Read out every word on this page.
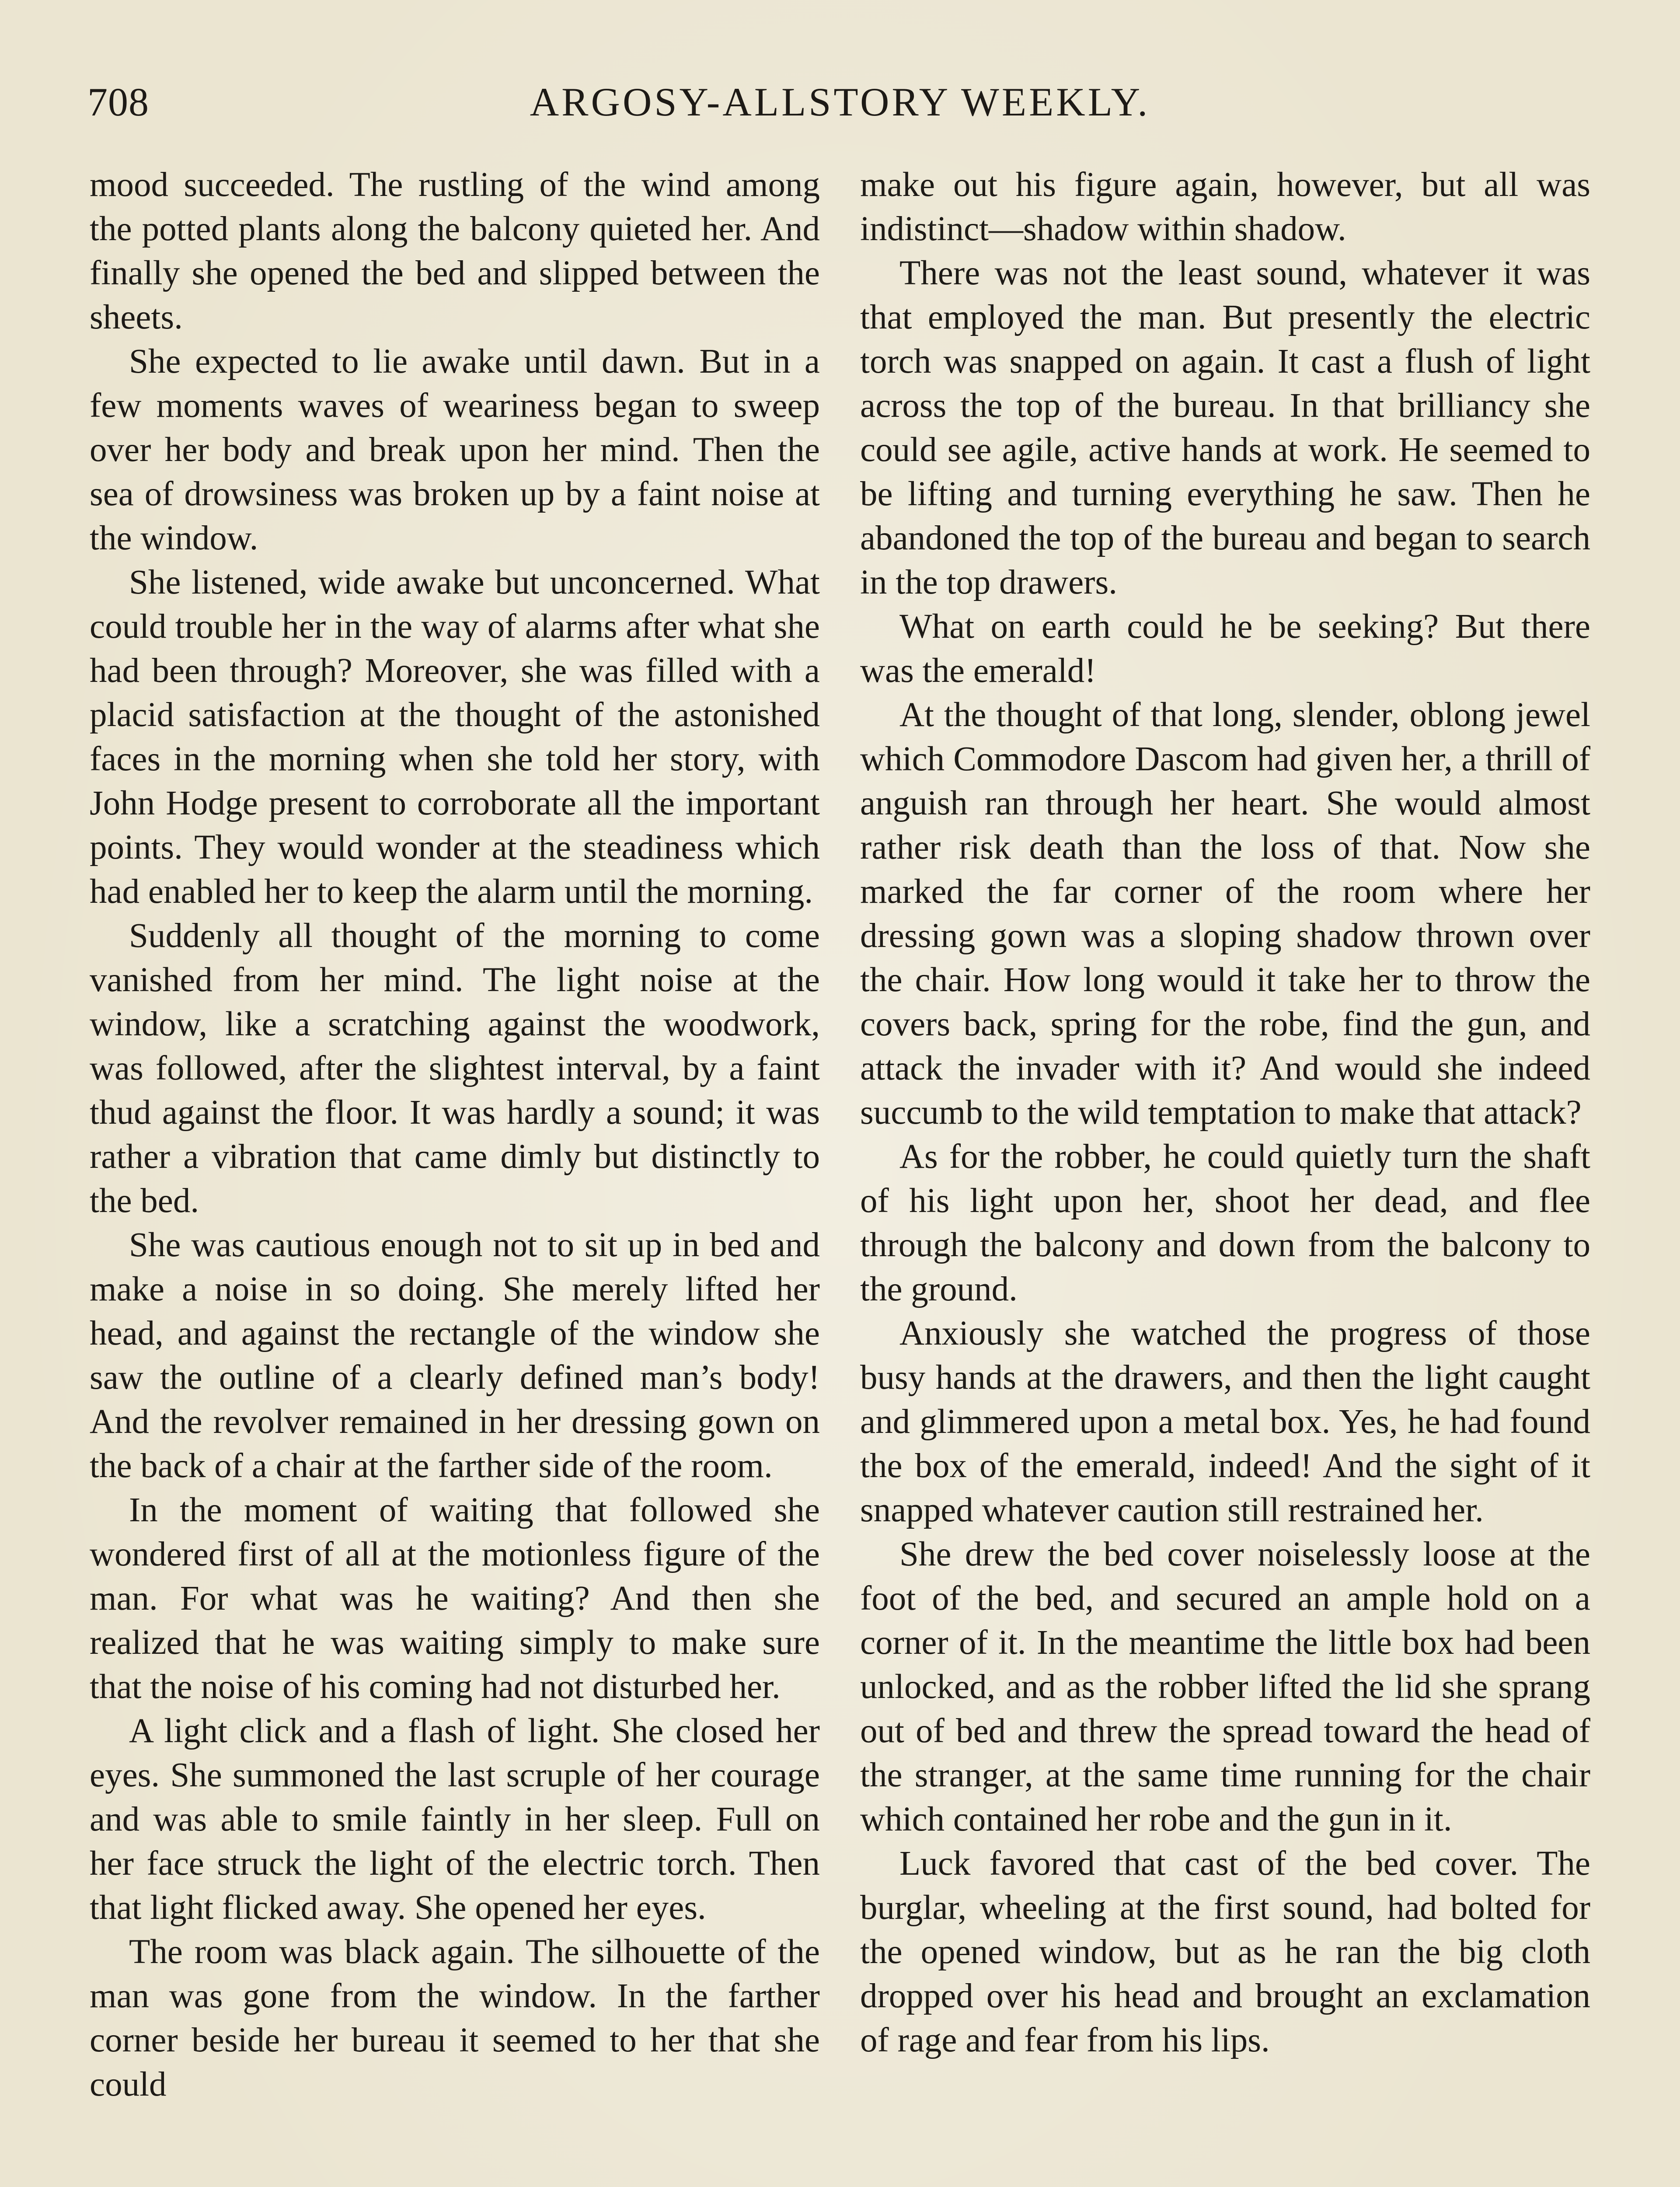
708	ARGOSY-ALLSTORY WEEKLY.

mood succeeded. The rustling of the wind among the potted plants along the balcony quieted her. And finally she opened the bed and slipped between the sheets.

She expected to lie awake until dawn. But in a few moments waves of weariness began to sweep over her body and break upon her mind. Then the sea of drowsiness was broken up by a faint noise at the window.

She listened, wide awake but unconcerned. What could trouble her in the way of alarms after what she had been through? Moreover, she was filled with a placid satisfaction at the thought of the astonished faces in the morning when she told her story, with John Hodge present to corroborate all the important points. They would wonder at the steadiness which had enabled her to keep the alarm until the morning.

Suddenly all thought of the morning to come vanished from her mind. The light noise at the window, like a scratching against the woodwork, was followed, after the slightest interval, by a faint thud against the floor. It was hardly a sound; it was rather a vibration that came dimly but distinctly to the bed.

She was cautious enough not to sit up in bed and make a noise in so doing. She merely lifted her head, and against the rectangle of the window she saw the outline of a clearly defined man’s body! And the revolver remained in her dressing gown on the back of a chair at the farther side of the room.

In the moment of waiting that followed she wondered first of all at the motionless figure of the man. For what was he waiting? And then she realized that he was waiting simply to make sure that the noise of his coming had not disturbed her.

A light click and a flash of light. She closed her eyes. She summoned the last scruple of her courage and was able to smile faintly in her sleep. Full on her face struck the light of the electric torch. Then that light flicked away. She opened her eyes.

The room was black again. The silhouette of the man was gone from the window. In the farther corner beside her bureau it seemed to her that she could

make out his figure again, however, but all was indistinct—shadow within shadow.

There was not the least sound, whatever it was that employed the man. But presently the electric torch was snapped on again. It cast a flush of light across the top of the bureau. In that brilliancy she could see agile, active hands at work. He seemed to be lifting and turning everything he saw. Then he abandoned the top of the bureau and began to search in the top drawers.

What on earth could he be seeking? But there was the emerald!

At the thought of that long, slender, oblong jewel which Commodore Dascom had given her, a thrill of anguish ran through her heart. She would almost rather risk death than the loss of that. Now she marked the far corner of the room where her dressing gown was a sloping shadow thrown over the chair. How long would it take her to throw the covers back, spring for the robe, find the gun, and attack the invader with it? And would she indeed succumb to the wild temptation to make that attack?

As for the robber, he could quietly turn the shaft of his light upon her, shoot her dead, and flee through the balcony and down from the balcony to the ground.

Anxiously she watched the progress of those busy hands at the drawers, and then the light caught and glimmered upon a metal box. Yes, he had found the box of the emerald, indeed! And the sight of it snapped whatever caution still restrained her.

She drew the bed cover noiselessly loose at the foot of the bed, and secured an ample hold on a corner of it. In the meantime the little box had been unlocked, and as the robber lifted the lid she sprang out of bed and threw the spread toward the head of the stranger, at the same time running for the chair which contained her robe and the gun in it.

Luck favored that cast of the bed cover. The burglar, wheeling at the first sound, had bolted for the opened window, but as he ran the big cloth dropped over his head and brought an exclamation of rage and fear from his lips.
